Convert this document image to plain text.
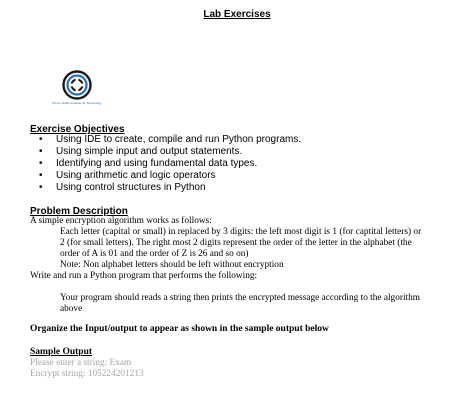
Lab Exercises
Prince Sultan Institute for Technology
Exercise Objectives
• Using IDE to create, compile and run Python programs.
• Using simple input and output statements.
• Identifying and using fundamental data types.
• Using arithmetic and logic operators
• Using control structures in Python
Problem Description
A simple encryption algorithm works as follows:
Each letter (capital or small) in replaced by 3 digits: the left most digit is 1 (for captital letters) or
2 (for small letters). The right most 2 digits represent the order of the letter in the alphabet (the
order of A is 01 and the order of Z is 26 and so on)
Note: Non alphabet letters should be left without encryption
Write and run a Python program that performs the following:
Your program should reads a string then prints the encrypted message according to the algorithm
above
Organize the Input/output to appear as shown in the sample output below
Sample Output
Please enter a string: Exam
Encrypt string: 105224201213
